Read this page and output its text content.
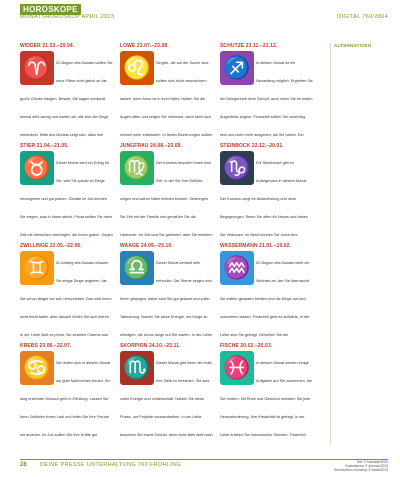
HOROSKOPE
MONATSHOROSKOP APRIL 2023	DIGITAL 760/2804
WIDDER 21.03.–20.04.
Zu Beginn des Monats sollten Sie neue Pläne nicht gleich an die große Glocke hängen. Besser, Sie sagen zunächst einmal sehr wenig und warten ab, wie sich die Dinge entwickeln. Mitte des Monats zeigt sich, dass Ihre
♈
LÖWE 23.07.–23.08.
Singles, die auf der Suche sind, sollten sich nicht verunsichern lassen, denn Amor ist in Ihrer Nähe. Halten Sie die Augen offen und zeigen Sie Interesse, dann kann sich schnell mehr entwickeln. In festen Beziehungen sollten
♌
SCHÜTZE 23.11.–21.12.
In diesem Monat ist ein Neuanfang möglich. Ergreifen Sie die Gelegenheit beim Schopf, auch wenn Sie im ersten Augenblick zögern. Finanziell sollten Sie vorsichtig sein und nicht mehr ausgeben, als Sie haben. Ein
♐
STIER 21.04.–21.05.
Dieser Monat wird ein Erfolg für Sie, weil Sie positiv an Dinge herangehen und gut planen. Gerade im Job können Sie zeigen, was in Ihnen steckt. Privat sollten Sie mehr Zeit mit Menschen verbringen, die Ihnen guttun. Gegen
♉
JUNGFRAU 24.08.–23.09.
Der Kosmos beschert Ihnen eine Zeit, in der Sie Ihre Gefühle zeigen und wahre Nähe erleben können. Verbringen Sie Zeit mit der Familie und genießen Sie die Harmonie. Im Job sind Sie gefordert, aber Sie meistern
♍
STEINBOCK 22.12.–20.01.
Für Steinböcke gibt es Aufregendes in diesem Monat. Der Kosmos sorgt für Abwechslung und neue Begegnungen. Seien Sie offen für Neues und haben Sie Vertrauen. Im Beruf können Sie durch Ihre
♑
ZWILLINGE 22.05.–22.06.
Zu Anfang des Monats müssen Sie einige Dinge angehen, die Sie schon länger vor sich herschieben. Das wird Ihnen nicht leicht fallen, aber danach fühlen Sie sich befreit. In der Liebe läuft es prima. Sie strahlen Charme aus
♊
WAAGE 24.09.–23.10.
Dieser Monat verläuft sehr erfreulich. Die Sterne zeigen sich Ihnen gewogen, daher sind Sie gut gelaunt und voller Tatendrang. Nutzen Sie diese Energie, um Dinge zu erledigen, die schon lange auf Sie warten. In der Liebe
♎
WASSERMANN 21.01.–19.02.
Zu Beginn des Monats steht ein Wechsel an, der Sie überrascht. Sie sollten gelassen bleiben und die Dinge auf sich zukommen lassen. Finanziell geht es aufwärts. In der Liebe sind Sie gefragt. Genießen Sie die
♒
KREBS 23.06.–22.07.
Sie dürfen sich in diesem Monat auf gute Nachrichten freuen. Ein lang ersehnter Wunsch geht in Erfüllung. Lassen Sie Ihren Gefühlen freien Lauf und teilen Sie Ihre Freude mit anderen. Im Job sollten Sie Ihre Kräfte gut
♋
SKORPION 24.10.–22.11.
Dieser Monat gibt Ihnen die Kraft, Ihre Ziele zu erreichen. Sie sind voller Energie und Leidenschaft. Nutzen Sie diese Phase, um Projekte voranzutreiben. In der Liebe brauchen Sie etwas Geduld, denn nicht alles läuft nach
♏
FISCHE 20.02.–20.03.
In diesem Monat werden einige Aufgaben auf Sie zukommen, die Sie fordern. Mit Ruhe und Geschick meistern Sie jede Herausforderung. Ihre Kreativität ist gefragt. In der Liebe erleben Sie harmonische Stunden. Finanziell
♓
ALTERNATIVEN
28 DEINE PRESSE UNTERHALTUNG 760 FRÜHLING	Text: © fotolia/ae/2023
Illustrationen: © fotomon/2023
Sternzeichen-Horoskop © fotolia/2023
